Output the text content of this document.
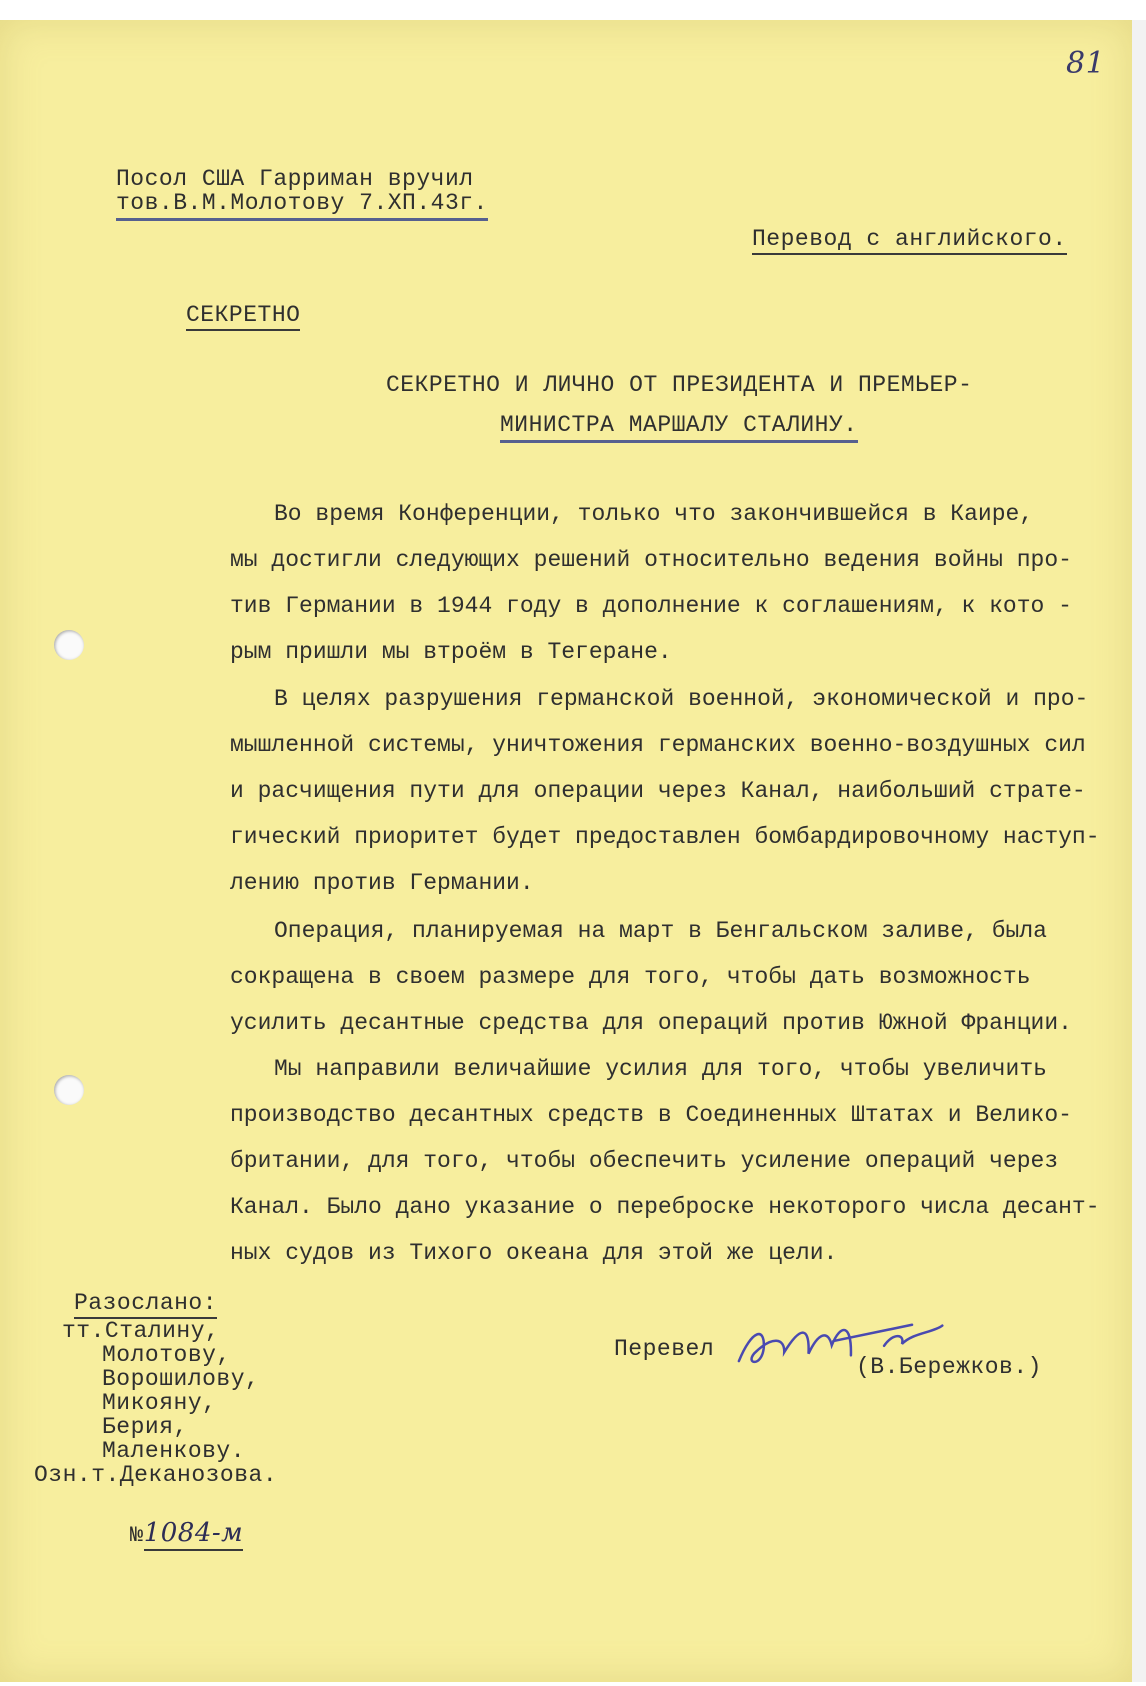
81
Посол США Гарриман вручил
тов.В.М.Молотову 7.ХП.43г.
Перевод с английского.
СЕКРЕТНО
СЕКРЕТНО И ЛИЧНО ОТ ПРЕЗИДЕНТА И ПРЕМЬЕР-
МИНИСТРА МАРШАЛУ СТАЛИНУ.
Во время Конференции, только что закончившейся в Каире,
мы достигли следующих решений относительно ведения войны про-
тив Германии в 1944 году в дополнение к соглашениям, к кото -
рым пришли мы втроём в Тегеране.
В целях разрушения германской военной, экономической и про-
мышленной системы, уничтожения германских военно-воздушных сил
и расчищения пути для операции через Канал, наибольший страте-
гический приоритет будет предоставлен бомбардировочному наступ-
лению против Германии.
Операция, планируемая на март в Бенгальском заливе, была
сокращена в своем размере для того, чтобы дать возможность
усилить десантные средства для операций против Южной Франции.
Мы направили величайшие усилия для того, чтобы увеличить
производство десантных средств в Соединенных Штатах и Велико-
британии, для того, чтобы обеспечить усиление операций через
Канал. Было дано указание о переброске некоторого числа десант-
ных судов из Тихого океана для этой же цели.
Разослано:
тт.Сталину,
Молотову,
Ворошилову,
Микояну,
Берия,
Маленкову.
Озн.т.Деканозова.
Перевел
(В.Бережков.)
№1084-м
